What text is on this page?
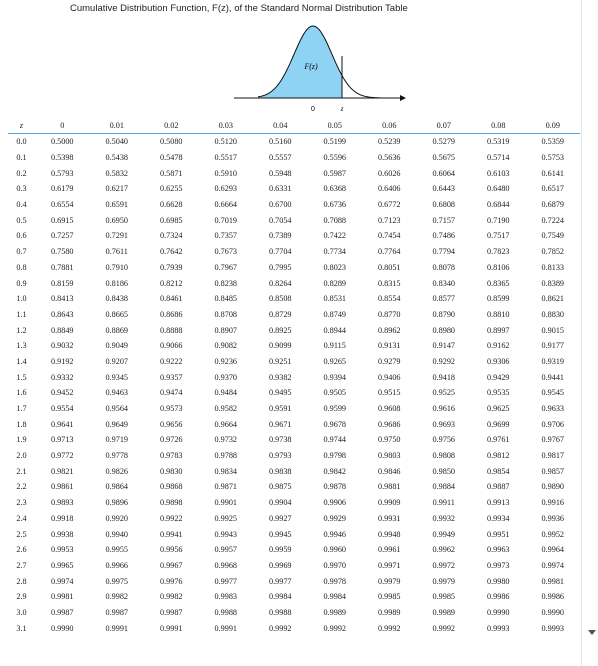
Cumulative Distribution Function, F(z), of the Standard Normal Distribution Table
F(z)
0	z
z	0	0.01	0.02	0.03	0.04	0.05	0.06	0.07	0.08	0.09
0.0	0.5000	0.5040	0.5080	0.5120	0.5160	0.5199	0.5239	0.5279	0.5319	0.5359
0.1	0.5398	0.5438	0.5478	0.5517	0.5557	0.5596	0.5636	0.5675	0.5714	0.5753
0.2	0.5793	0.5832	0.5871	0.5910	0.5948	0.5987	0.6026	0.6064	0.6103	0.6141
0.3	0.6179	0.6217	0.6255	0.6293	0.6331	0.6368	0.6406	0.6443	0.6480	0.6517
0.4	0.6554	0.6591	0.6628	0.6664	0.6700	0.6736	0.6772	0.6808	0.6844	0.6879
0.5	0.6915	0.6950	0.6985	0.7019	0.7054	0.7088	0.7123	0.7157	0.7190	0.7224
0.6	0.7257	0.7291	0.7324	0.7357	0.7389	0.7422	0.7454	0.7486	0.7517	0.7549
0.7	0.7580	0.7611	0.7642	0.7673	0.7704	0.7734	0.7764	0.7794	0.7823	0.7852
0.8	0.7881	0.7910	0.7939	0.7967	0.7995	0.8023	0.8051	0.8078	0.8106	0.8133
0.9	0.8159	0.8186	0.8212	0.8238	0.8264	0.8289	0.8315	0.8340	0.8365	0.8389
1.0	0.8413	0.8438	0.8461	0.8485	0.8508	0.8531	0.8554	0.8577	0.8599	0.8621
1.1	0.8643	0.8665	0.8686	0.8708	0.8729	0.8749	0.8770	0.8790	0.8810	0.8830
1.2	0.8849	0.8869	0.8888	0.8907	0.8925	0.8944	0.8962	0.8980	0.8997	0.9015
1.3	0.9032	0.9049	0.9066	0.9082	0.9099	0.9115	0.9131	0.9147	0.9162	0.9177
1.4	0.9192	0.9207	0.9222	0.9236	0.9251	0.9265	0.9279	0.9292	0.9306	0.9319
1.5	0.9332	0.9345	0.9357	0.9370	0.9382	0.9394	0.9406	0.9418	0.9429	0.9441
1.6	0.9452	0.9463	0.9474	0.9484	0.9495	0.9505	0.9515	0.9525	0.9535	0.9545
1.7	0.9554	0.9564	0.9573	0.9582	0.9591	0.9599	0.9608	0.9616	0.9625	0.9633
1.8	0.9641	0.9649	0.9656	0.9664	0.9671	0.9678	0.9686	0.9693	0.9699	0.9706
1.9	0.9713	0.9719	0.9726	0.9732	0.9738	0.9744	0.9750	0.9756	0.9761	0.9767
2.0	0.9772	0.9778	0.9783	0.9788	0.9793	0.9798	0.9803	0.9808	0.9812	0.9817
2.1	0.9821	0.9826	0.9830	0.9834	0.9838	0.9842	0.9846	0.9850	0.9854	0.9857
2.2	0.9861	0.9864	0.9868	0.9871	0.9875	0.9878	0.9881	0.9884	0.9887	0.9890
2.3	0.9893	0.9896	0.9898	0.9901	0.9904	0.9906	0.9909	0.9911	0.9913	0.9916
2.4	0.9918	0.9920	0.9922	0.9925	0.9927	0.9929	0.9931	0.9932	0.9934	0.9936
2.5	0.9938	0.9940	0.9941	0.9943	0.9945	0.9946	0.9948	0.9949	0.9951	0.9952
2.6	0.9953	0.9955	0.9956	0.9957	0.9959	0.9960	0.9961	0.9962	0.9963	0.9964
2.7	0.9965	0.9966	0.9967	0.9968	0.9969	0.9970	0.9971	0.9972	0.9973	0.9974
2.8	0.9974	0.9975	0.9976	0.9977	0.9977	0.9978	0.9979	0.9979	0.9980	0.9981
2.9	0.9981	0.9982	0.9982	0.9983	0.9984	0.9984	0.9985	0.9985	0.9986	0.9986
3.0	0.9987	0.9987	0.9987	0.9988	0.9988	0.9989	0.9989	0.9989	0.9990	0.9990
3.1	0.9990	0.9991	0.9991	0.9991	0.9992	0.9992	0.9992	0.9992	0.9993	0.9993
